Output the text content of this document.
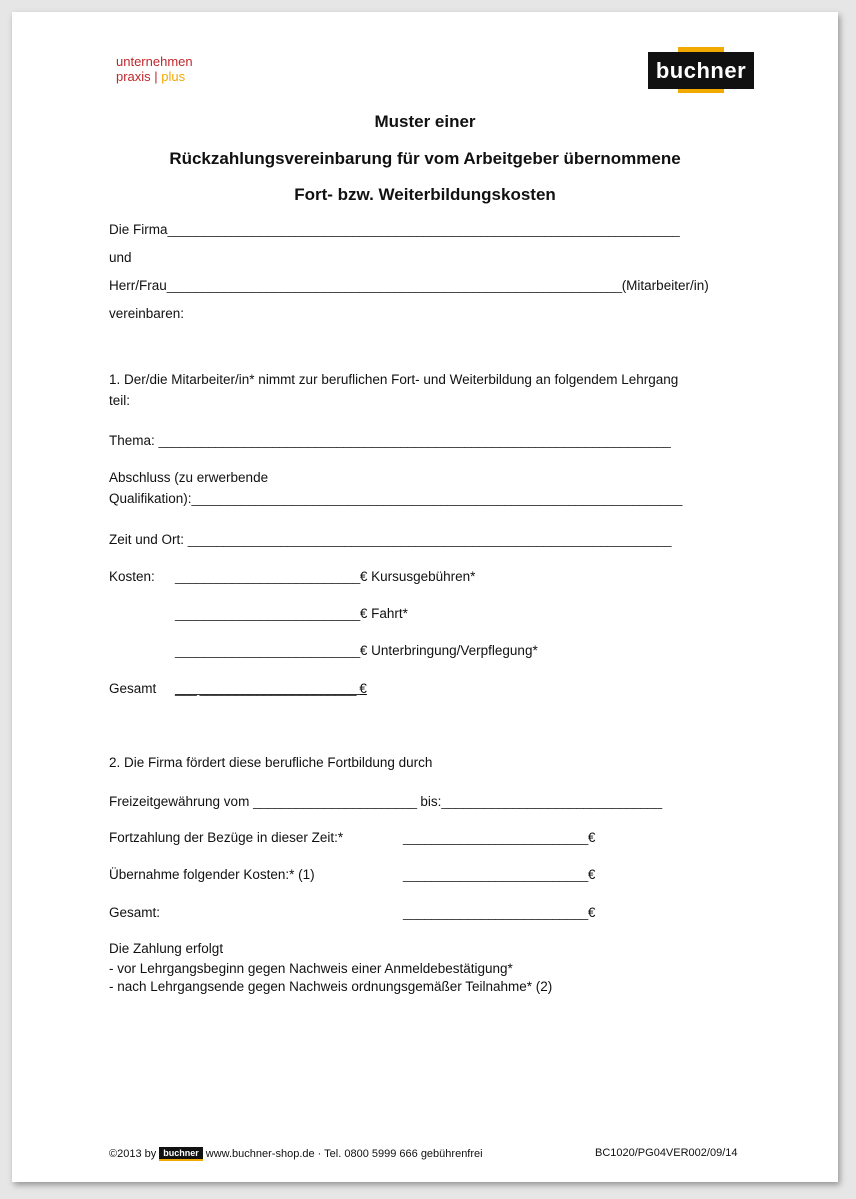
unternehmen
praxis | plus	buchner
Muster einer
Rückzahlungsvereinbarung für vom Arbeitgeber übernommene
Fort- bzw. Weiterbildungskosten
Die Firma________________________________________________________________________
und
Herr/Frau________________________________________________________________(Mitarbeiter/in)
vereinbaren:
1. Der/die Mitarbeiter/in* nimmt zur beruflichen Fort- und Weiterbildung an folgendem Lehrgang
teil:
Thema: ________________________________________________________________________
Abschluss (zu erwerbende
Qualifikation):_____________________________________________________________________
Zeit und Ort: ____________________________________________________________________
Kosten: __________________________€ Kursusgebühren*
__________________________€ Fahrt*
__________________________€ Unterbringung/Verpflegung*
Gesamt ___ ______________________ €
2. Die Firma fördert diese berufliche Fortbildung durch
Freizeitgewährung vom _______________________ bis:_______________________________
Fortzahlung der Bezüge in dieser Zeit:*	__________________________€
Übernahme folgender Kosten:* (1)	__________________________€
Gesamt:	__________________________€
Die Zahlung erfolgt
- vor Lehrgangsbeginn gegen Nachweis einer Anmeldebestätigung*
- nach Lehrgangsende gegen Nachweis ordnungsgemäßer Teilnahme* (2)
©2013 by buchner www.buchner-shop.de · Tel. 0800 5999 666 gebührenfrei	BC1020/PG04VER002/09/14
